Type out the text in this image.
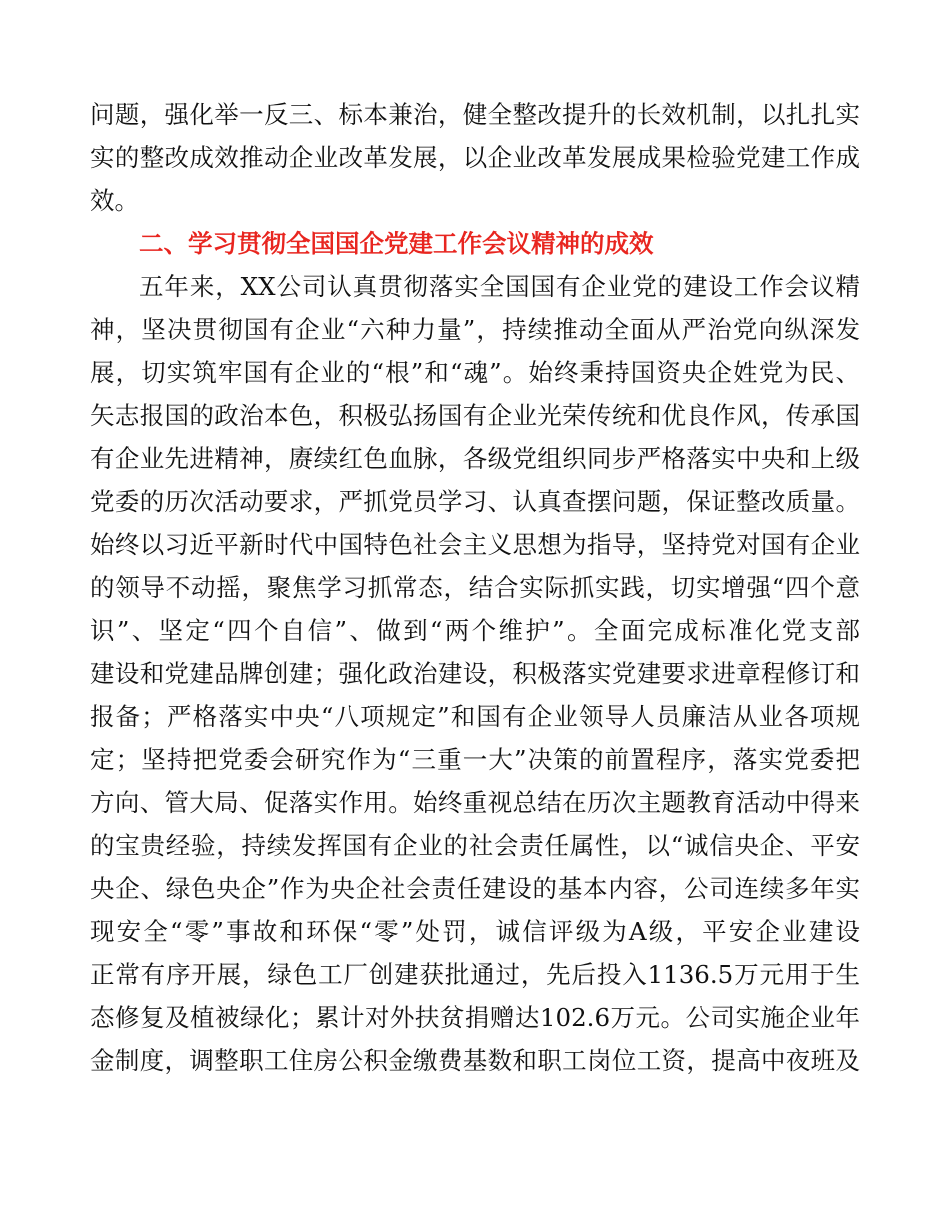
问题，强化举一反三、标本兼治，健全整改提升的长效机制，以扎扎实
实的整改成效推动企业改革发展，以企业改革发展成果检验党建工作成
效。
二、学习贯彻全国国企党建工作会议精神的成效
五年来，XX公司认真贯彻落实全国国有企业党的建设工作会议精
神，坚决贯彻国有企业“六种力量”，持续推动全面从严治党向纵深发
展，切实筑牢国有企业的“根”和“魂”。始终秉持国资央企姓党为民、
矢志报国的政治本色，积极弘扬国有企业光荣传统和优良作风，传承国
有企业先进精神，赓续红色血脉，各级党组织同步严格落实中央和上级
党委的历次活动要求，严抓党员学习、认真查摆问题，保证整改质量。
始终以习近平新时代中国特色社会主义思想为指导，坚持党对国有企业
的领导不动摇，聚焦学习抓常态，结合实际抓实践，切实增强“四个意
识”、坚定“四个自信”、做到“两个维护”。全面完成标准化党支部
建设和党建品牌创建；强化政治建设，积极落实党建要求进章程修订和
报备；严格落实中央“八项规定”和国有企业领导人员廉洁从业各项规
定；坚持把党委会研究作为“三重一大”决策的前置程序，落实党委把
方向、管大局、促落实作用。始终重视总结在历次主题教育活动中得来
的宝贵经验，持续发挥国有企业的社会责任属性，以“诚信央企、平安
央企、绿色央企”作为央企社会责任建设的基本内容，公司连续多年实
现安全“零”事故和环保“零”处罚，诚信评级为A级，平安企业建设
正常有序开展，绿色工厂创建获批通过，先后投入1136.5万元用于生
态修复及植被绿化；累计对外扶贫捐赠达102.6万元。公司实施企业年
金制度，调整职工住房公积金缴费基数和职工岗位工资，提高中夜班及
